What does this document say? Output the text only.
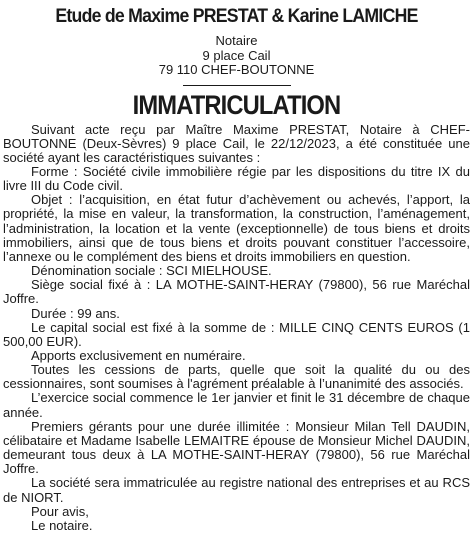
Etude de Maxime PRESTAT & Karine LAMICHE
Notaire
9 place Cail
79 110 CHEF-BOUTONNE
IMMATRICULATION

Suivant acte reçu par Maître Maxime PRESTAT, Notaire à CHEF-BOUTONNE (Deux-Sèvres) 9 place Cail, le 22/12/2023, a été constituée une société ayant les caractéristiques suivantes :

Forme : Société civile immobilière régie par les dispositions du titre IX du livre III du Code civil.

Objet : l’acquisition, en état futur d’achèvement ou achevés, l’apport, la propriété, la mise en valeur, la transformation, la construction, l’aménagement, l’administration, la location et la vente (exceptionnelle) de tous biens et droits immobiliers, ainsi que de tous biens et droits pouvant constituer l’accessoire, l’annexe ou le complément des biens et droits immobiliers en question.

Dénomination sociale : SCI MIELHOUSE.

Siège social fixé à : LA MOTHE-SAINT-HERAY (79800), 56 rue Maréchal Joffre.

Durée : 99 ans.

Le capital social est fixé à la somme de : MILLE CINQ CENTS EUROS (1 500,00 EUR).

Apports exclusivement en numéraire.

Toutes les cessions de parts, quelle que soit la qualité du ou des cessionnaires, sont soumises à l'agrément préalable à l’unanimité des associés.

L’exercice social commence le 1er janvier et finit le 31 décembre de chaque année.

Premiers gérants pour une durée illimitée : Monsieur Milan Tell DAUDIN, célibataire et Madame Isabelle LEMAITRE épouse de Monsieur Michel DAUDIN, demeurant tous deux à LA MOTHE-SAINT-HERAY (79800), 56 rue Maréchal Joffre.

La société sera immatriculée au registre national des entreprises et au RCS de NIORT.

Pour avis,

Le notaire.
